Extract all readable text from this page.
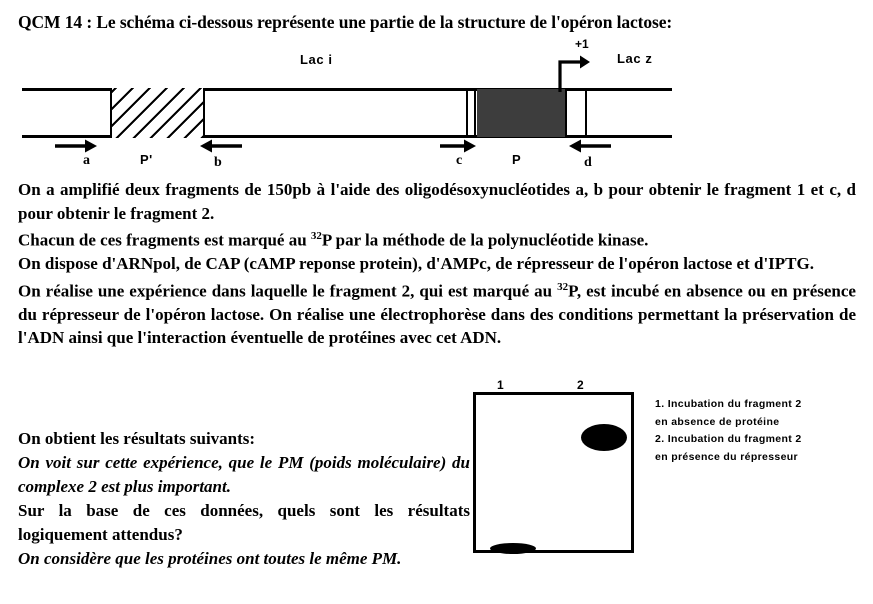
QCM 14 : Le schéma ci-dessous représente une partie de la structure de l'opéron lactose:
Lac i	Lac z
+1
a	b	c	d
P'	P

On a amplifié deux fragments de 150pb à l'aide des oligodésoxynucléotides a, b pour obtenir le fragment 1 et c, d pour obtenir le fragment 2.

Chacun de ces fragments est marqué au $^{32}$P par la méthode de la polynucléotide kinase.

On dispose d'ARNpol, de CAP (cAMP reponse protein), d'AMPc, de répresseur de l'opéron lactose et d'IPTG.

On réalise une expérience dans laquelle le fragment 2, qui est marqué au $^{32}$P, est incubé en absence ou en présence du répresseur de l'opéron lactose. On réalise une électrophorèse dans des conditions permettant la préservation de l'ADN ainsi que l'interaction éventuelle de protéines avec cet ADN.

On obtient les résultats suivants:

On voit sur cette expérience, que le PM (poids moléculaire) du complexe 2 est plus important.

Sur la base de ces données, quels sont les résultats logiquement attendus?

On considère que les protéines ont toutes le même PM.

1	2
1. Incubation du fragment 2
en absence de protéine
2. Incubation du fragment 2
en présence du répresseur
